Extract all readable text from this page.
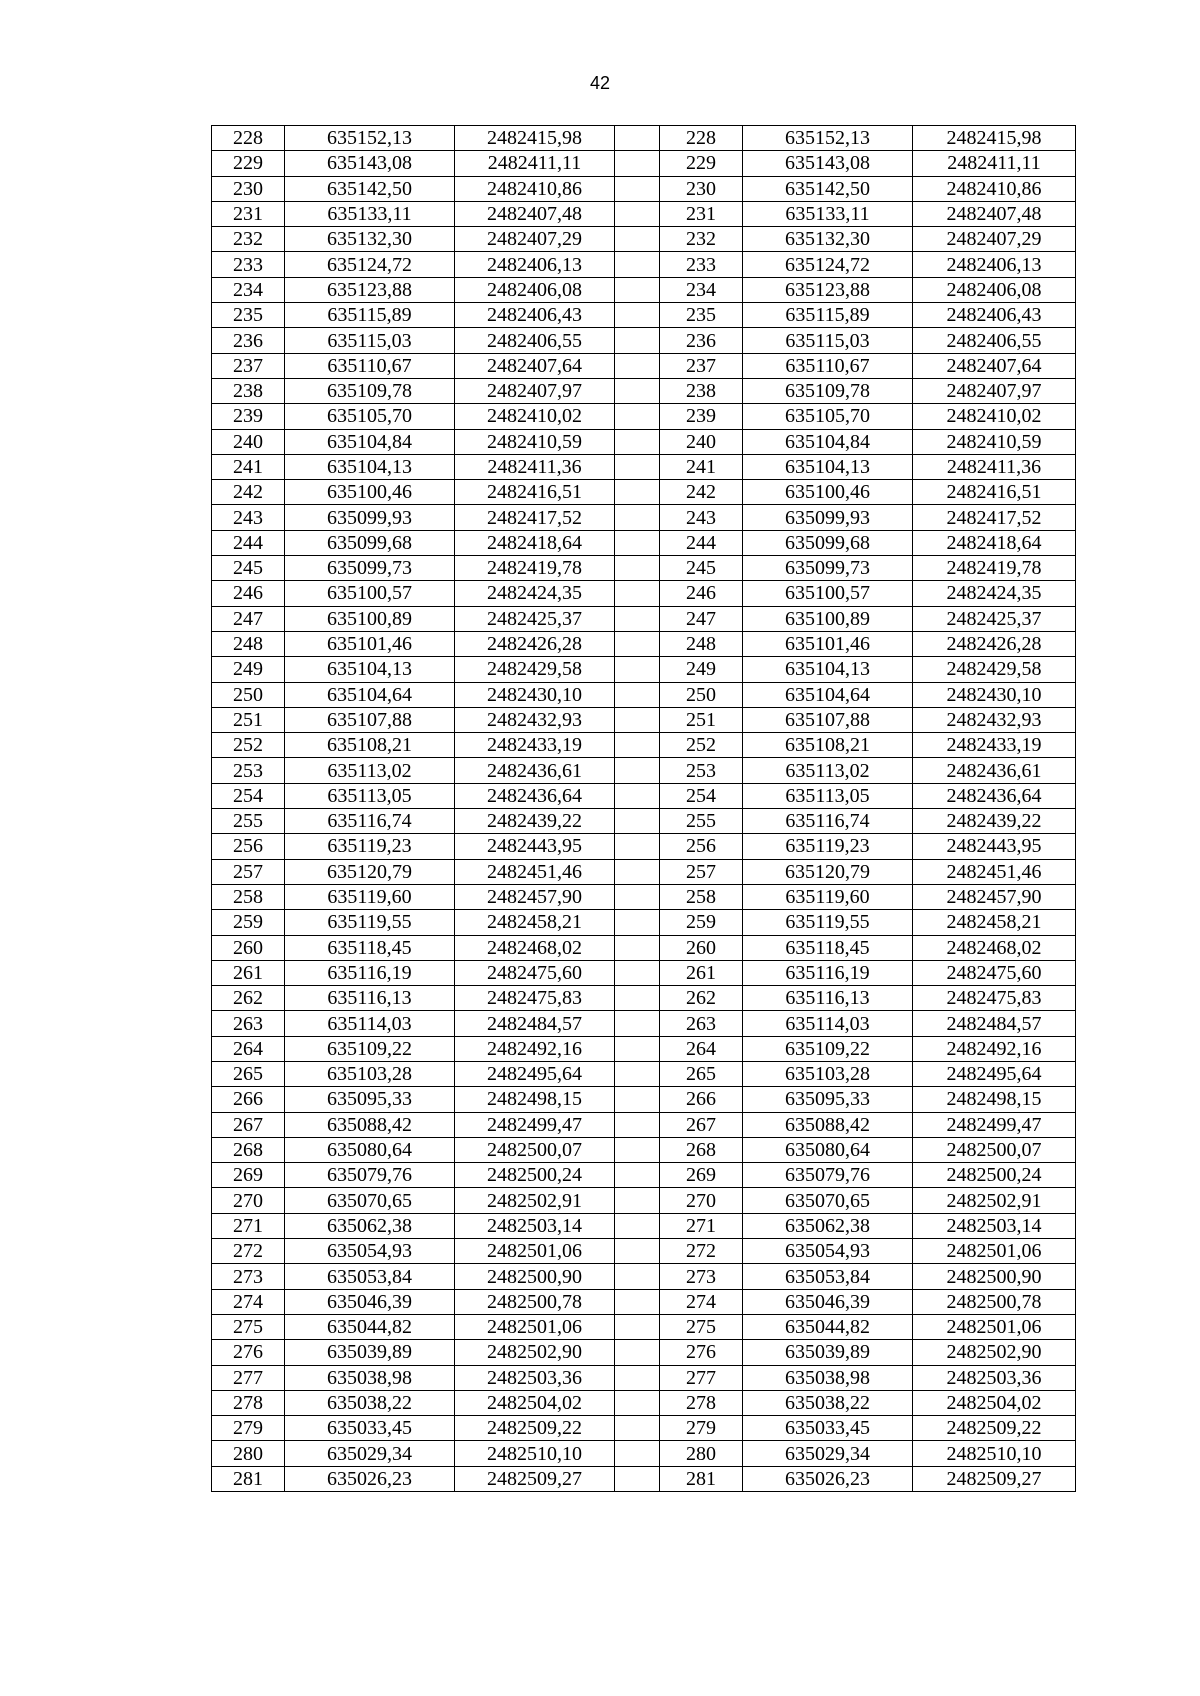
42
228	635152,13	2482415,98		228	635152,13	2482415,98
229	635143,08	2482411,11		229	635143,08	2482411,11
230	635142,50	2482410,86		230	635142,50	2482410,86
231	635133,11	2482407,48		231	635133,11	2482407,48
232	635132,30	2482407,29		232	635132,30	2482407,29
233	635124,72	2482406,13		233	635124,72	2482406,13
234	635123,88	2482406,08		234	635123,88	2482406,08
235	635115,89	2482406,43		235	635115,89	2482406,43
236	635115,03	2482406,55		236	635115,03	2482406,55
237	635110,67	2482407,64		237	635110,67	2482407,64
238	635109,78	2482407,97		238	635109,78	2482407,97
239	635105,70	2482410,02		239	635105,70	2482410,02
240	635104,84	2482410,59		240	635104,84	2482410,59
241	635104,13	2482411,36		241	635104,13	2482411,36
242	635100,46	2482416,51		242	635100,46	2482416,51
243	635099,93	2482417,52		243	635099,93	2482417,52
244	635099,68	2482418,64		244	635099,68	2482418,64
245	635099,73	2482419,78		245	635099,73	2482419,78
246	635100,57	2482424,35		246	635100,57	2482424,35
247	635100,89	2482425,37		247	635100,89	2482425,37
248	635101,46	2482426,28		248	635101,46	2482426,28
249	635104,13	2482429,58		249	635104,13	2482429,58
250	635104,64	2482430,10		250	635104,64	2482430,10
251	635107,88	2482432,93		251	635107,88	2482432,93
252	635108,21	2482433,19		252	635108,21	2482433,19
253	635113,02	2482436,61		253	635113,02	2482436,61
254	635113,05	2482436,64		254	635113,05	2482436,64
255	635116,74	2482439,22		255	635116,74	2482439,22
256	635119,23	2482443,95		256	635119,23	2482443,95
257	635120,79	2482451,46		257	635120,79	2482451,46
258	635119,60	2482457,90		258	635119,60	2482457,90
259	635119,55	2482458,21		259	635119,55	2482458,21
260	635118,45	2482468,02		260	635118,45	2482468,02
261	635116,19	2482475,60		261	635116,19	2482475,60
262	635116,13	2482475,83		262	635116,13	2482475,83
263	635114,03	2482484,57		263	635114,03	2482484,57
264	635109,22	2482492,16		264	635109,22	2482492,16
265	635103,28	2482495,64		265	635103,28	2482495,64
266	635095,33	2482498,15		266	635095,33	2482498,15
267	635088,42	2482499,47		267	635088,42	2482499,47
268	635080,64	2482500,07		268	635080,64	2482500,07
269	635079,76	2482500,24		269	635079,76	2482500,24
270	635070,65	2482502,91		270	635070,65	2482502,91
271	635062,38	2482503,14		271	635062,38	2482503,14
272	635054,93	2482501,06		272	635054,93	2482501,06
273	635053,84	2482500,90		273	635053,84	2482500,90
274	635046,39	2482500,78		274	635046,39	2482500,78
275	635044,82	2482501,06		275	635044,82	2482501,06
276	635039,89	2482502,90		276	635039,89	2482502,90
277	635038,98	2482503,36		277	635038,98	2482503,36
278	635038,22	2482504,02		278	635038,22	2482504,02
279	635033,45	2482509,22		279	635033,45	2482509,22
280	635029,34	2482510,10		280	635029,34	2482510,10
281	635026,23	2482509,27		281	635026,23	2482509,27
